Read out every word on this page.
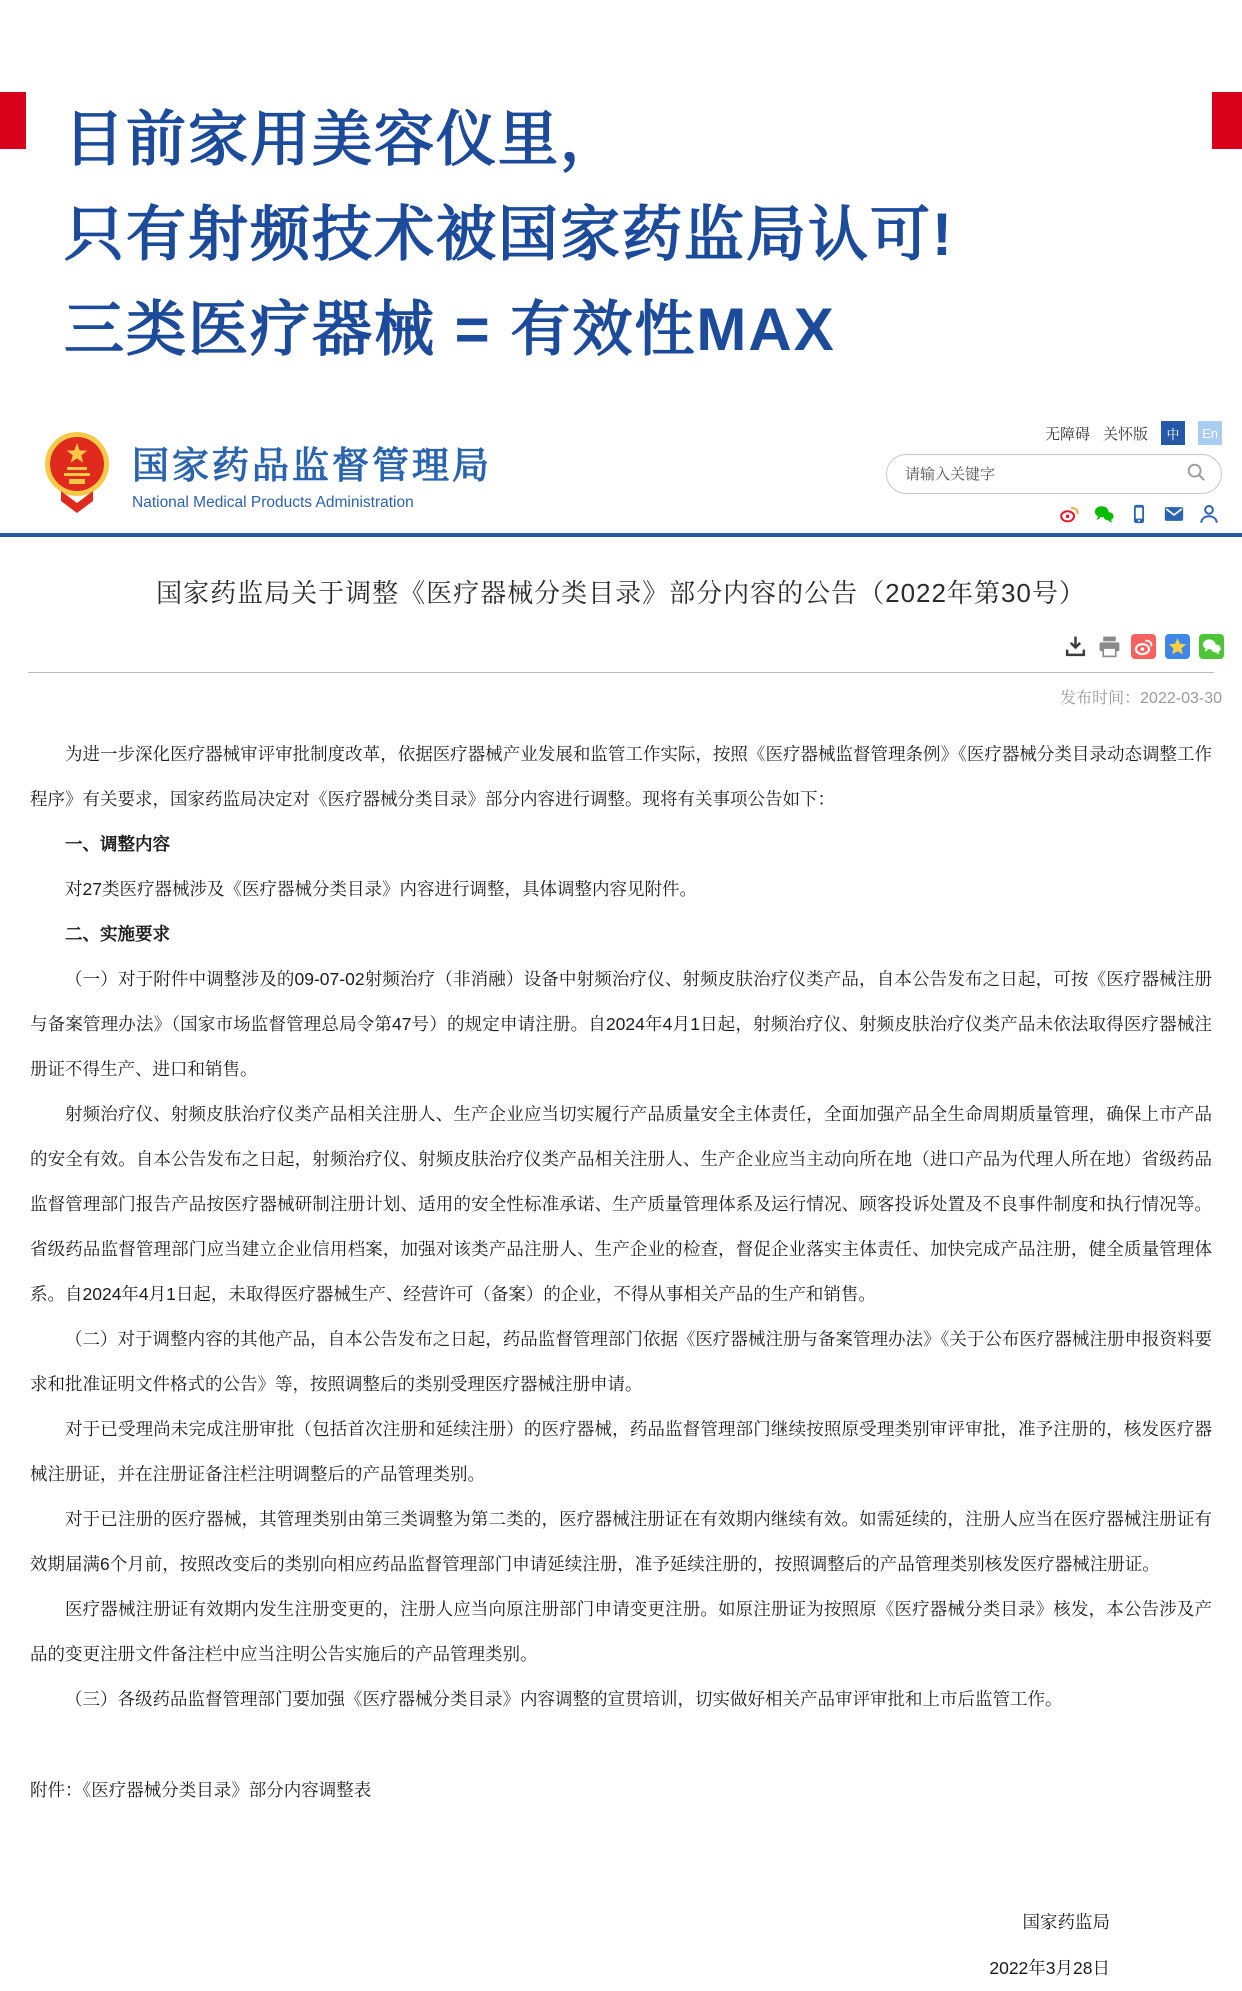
目前家用美容仪里，
只有射频技术被国家药监局认可!
三类医疗器械 = 有效性MAX
国家药品监督管理局
National Medical Products Administration
无障碍 关怀版	中	En
请输入关键字
国家药监局关于调整《医疗器械分类目录》部分内容的公告（2022年第30号）
发布时间：2022-03-30
为进一步深化医疗器械审评审批制度改革，依据医疗器械产业发展和监管工作实际，按照《医疗器械监督管理条例》《医疗器械分类目录动态调整工作程序》有关要求，国家药监局决定对《医疗器械分类目录》部分内容进行调整。现将有关事项公告如下：
一、调整内容
对27类医疗器械涉及《医疗器械分类目录》内容进行调整，具体调整内容见附件。
二、实施要求
（一）对于附件中调整涉及的09-07-02射频治疗（非消融）设备中射频治疗仪、射频皮肤治疗仪类产品，自本公告发布之日起，可按《医疗器械注册与备案管理办法》（国家市场监督管理总局令第47号）的规定申请注册。自2024年4月1日起，射频治疗仪、射频皮肤治疗仪类产品未依法取得医疗器械注册证不得生产、进口和销售。
射频治疗仪、射频皮肤治疗仪类产品相关注册人、生产企业应当切实履行产品质量安全主体责任，全面加强产品全生命周期质量管理，确保上市产品的安全有效。自本公告发布之日起，射频治疗仪、射频皮肤治疗仪类产品相关注册人、生产企业应当主动向所在地（进口产品为代理人所在地）省级药品监督管理部门报告产品按医疗器械研制注册计划、适用的安全性标准承诺、生产质量管理体系及运行情况、顾客投诉处置及不良事件制度和执行情况等。省级药品监督管理部门应当建立企业信用档案，加强对该类产品注册人、生产企业的检查，督促企业落实主体责任、加快完成产品注册，健全质量管理体系。自2024年4月1日起，未取得医疗器械生产、经营许可（备案）的企业，不得从事相关产品的生产和销售。
（二）对于调整内容的其他产品，自本公告发布之日起，药品监督管理部门依据《医疗器械注册与备案管理办法》《关于公布医疗器械注册申报资料要求和批准证明文件格式的公告》等，按照调整后的类别受理医疗器械注册申请。
对于已受理尚未完成注册审批（包括首次注册和延续注册）的医疗器械，药品监督管理部门继续按照原受理类别审评审批，准予注册的，核发医疗器械注册证，并在注册证备注栏注明调整后的产品管理类别。
对于已注册的医疗器械，其管理类别由第三类调整为第二类的，医疗器械注册证在有效期内继续有效。如需延续的，注册人应当在医疗器械注册证有效期届满6个月前，按照改变后的类别向相应药品监督管理部门申请延续注册，准予延续注册的，按照调整后的产品管理类别核发医疗器械注册证。
医疗器械注册证有效期内发生注册变更的，注册人应当向原注册部门申请变更注册。如原注册证为按照原《医疗器械分类目录》核发，本公告涉及产品的变更注册文件备注栏中应当注明公告实施后的产品管理类别。
（三）各级药品监督管理部门要加强《医疗器械分类目录》内容调整的宣贯培训，切实做好相关产品审评审批和上市后监管工作。
附件：《医疗器械分类目录》部分内容调整表
国家药监局
2022年3月28日
